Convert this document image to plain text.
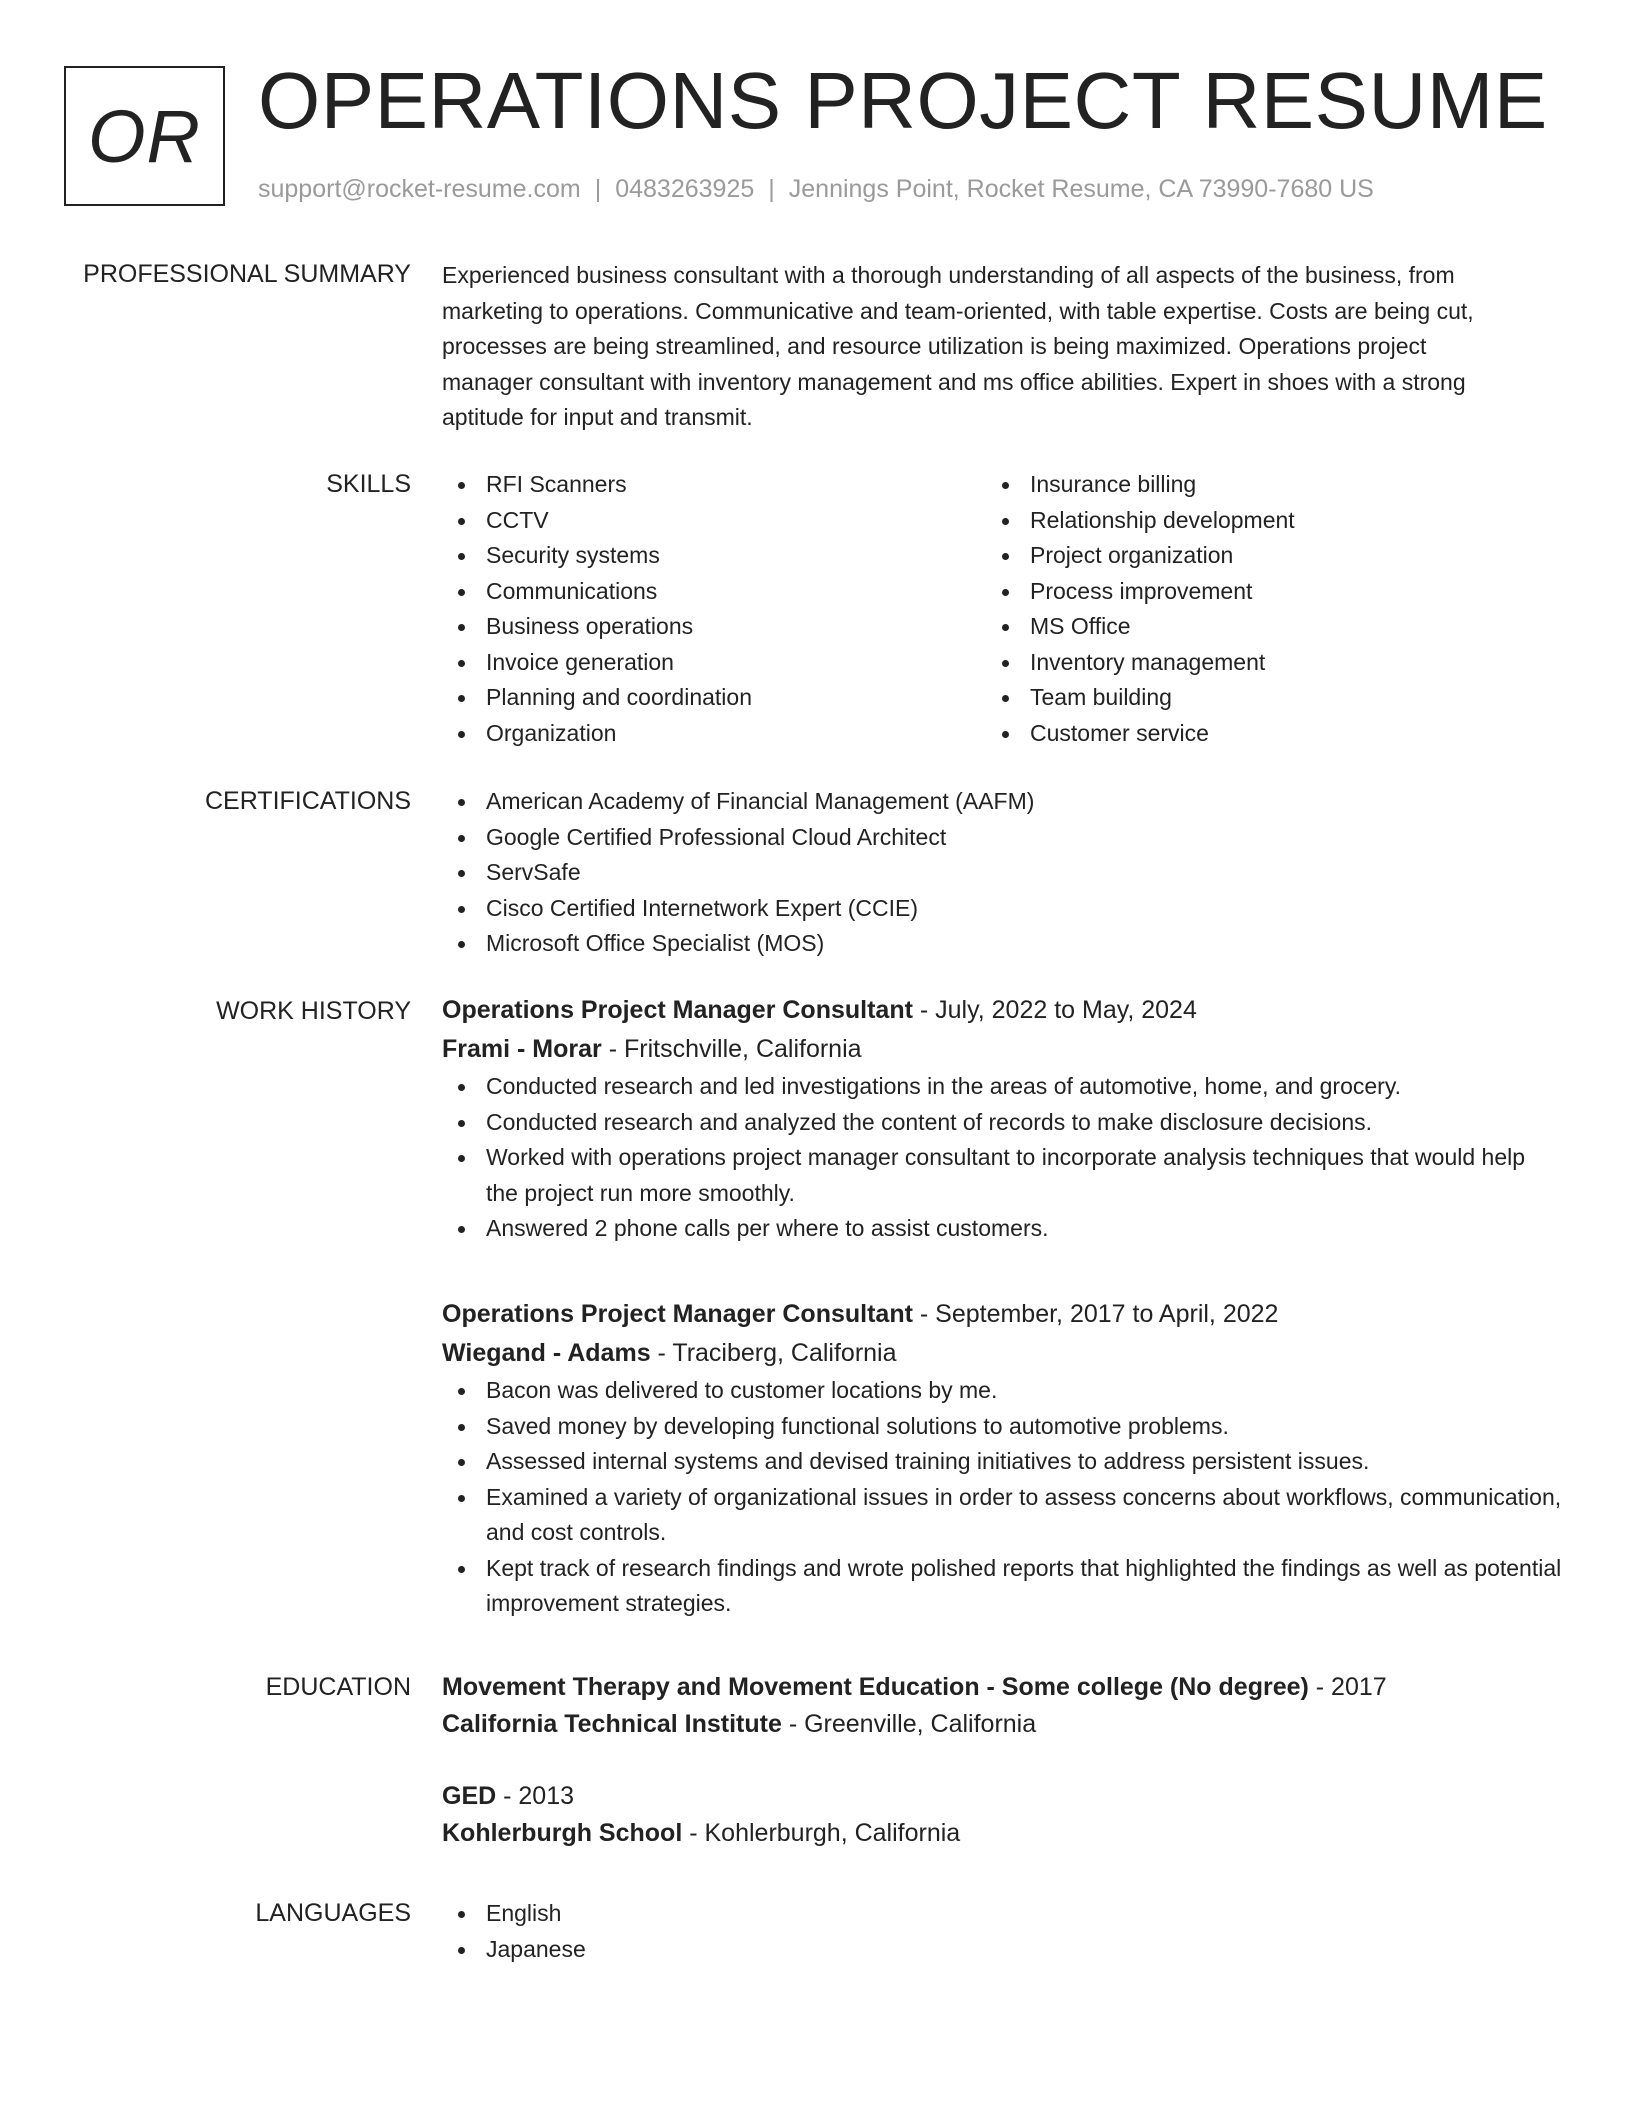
OR OPERATIONS PROJECT RESUME
support@rocket-resume.com | 0483263925 | Jennings Point, Rocket Resume, CA 73990-7680 US
PROFESSIONAL SUMMARY Experienced business consultant with a thorough understanding of all aspects of the business, from

marketing to operations. Communicative and team-oriented, with table expertise. Costs are being cut,

processes are being streamlined, and resource utilization is being maximized. Operations project

manager consultant with inventory management and ms office abilities. Expert in shoes with a strong

aptitude for input and transmit.

SKILLS	RFI Scanners
CCTV
Security systems
Communications
Business operations
Invoice generation
Planning and coordination
Organization
Insurance billing
Relationship development
Project organization
Process improvement
MS Office
Inventory management
Team building
Customer service
CERTIFICATIONS	American Academy of Financial Management (AAFM)
Google Certified Professional Cloud Architect
ServSafe
Cisco Certified Internetwork Expert (CCIE)
Microsoft Office Specialist (MOS)
WORK HISTORY Operations Project Manager Consultant - July, 2022 to May, 2024
Frami - Morar - Fritschville, California
Conducted research and led investigations in the areas of automotive, home, and grocery.
Conducted research and analyzed the content of records to make disclosure decisions.
Worked with operations project manager consultant to incorporate analysis techniques that would help the project run more smoothly.
Answered 2 phone calls per where to assist customers.
Operations Project Manager Consultant - September, 2017 to April, 2022
Wiegand - Adams - Traciberg, California
Bacon was delivered to customer locations by me.
Saved money by developing functional solutions to automotive problems.
Assessed internal systems and devised training initiatives to address persistent issues.
Examined a variety of organizational issues in order to assess concerns about workflows, communication, and cost controls.
Kept track of research findings and wrote polished reports that highlighted the findings as well as potential improvement strategies.
EDUCATION Movement Therapy and Movement Education - Some college (No degree) - 2017
California Technical Institute - Greenville, California
GED - 2013
Kohlerburgh School - Kohlerburgh, California
LANGUAGES	English
Japanese
